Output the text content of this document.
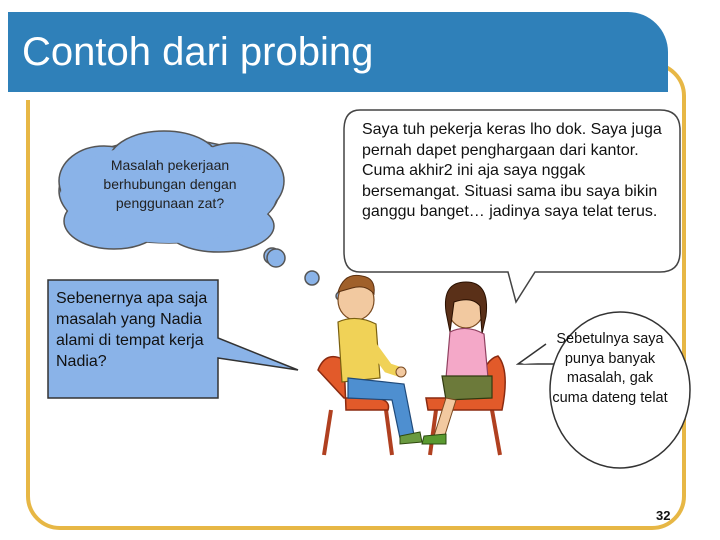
Contoh dari probing
Masalah pekerjaan berhubungan dengan penggunaan zat?
Sebenernya apa saja masalah yang Nadia alami di tempat kerja Nadia?
Saya tuh pekerja keras lho dok. Saya juga pernah dapet penghargaan dari kantor. Cuma akhir2 ini aja saya nggak bersemangat. Situasi sama ibu saya bikin ganggu banget… jadinya saya telat terus.
Sebetulnya saya punya banyak masalah, gak cuma dateng telat
32
